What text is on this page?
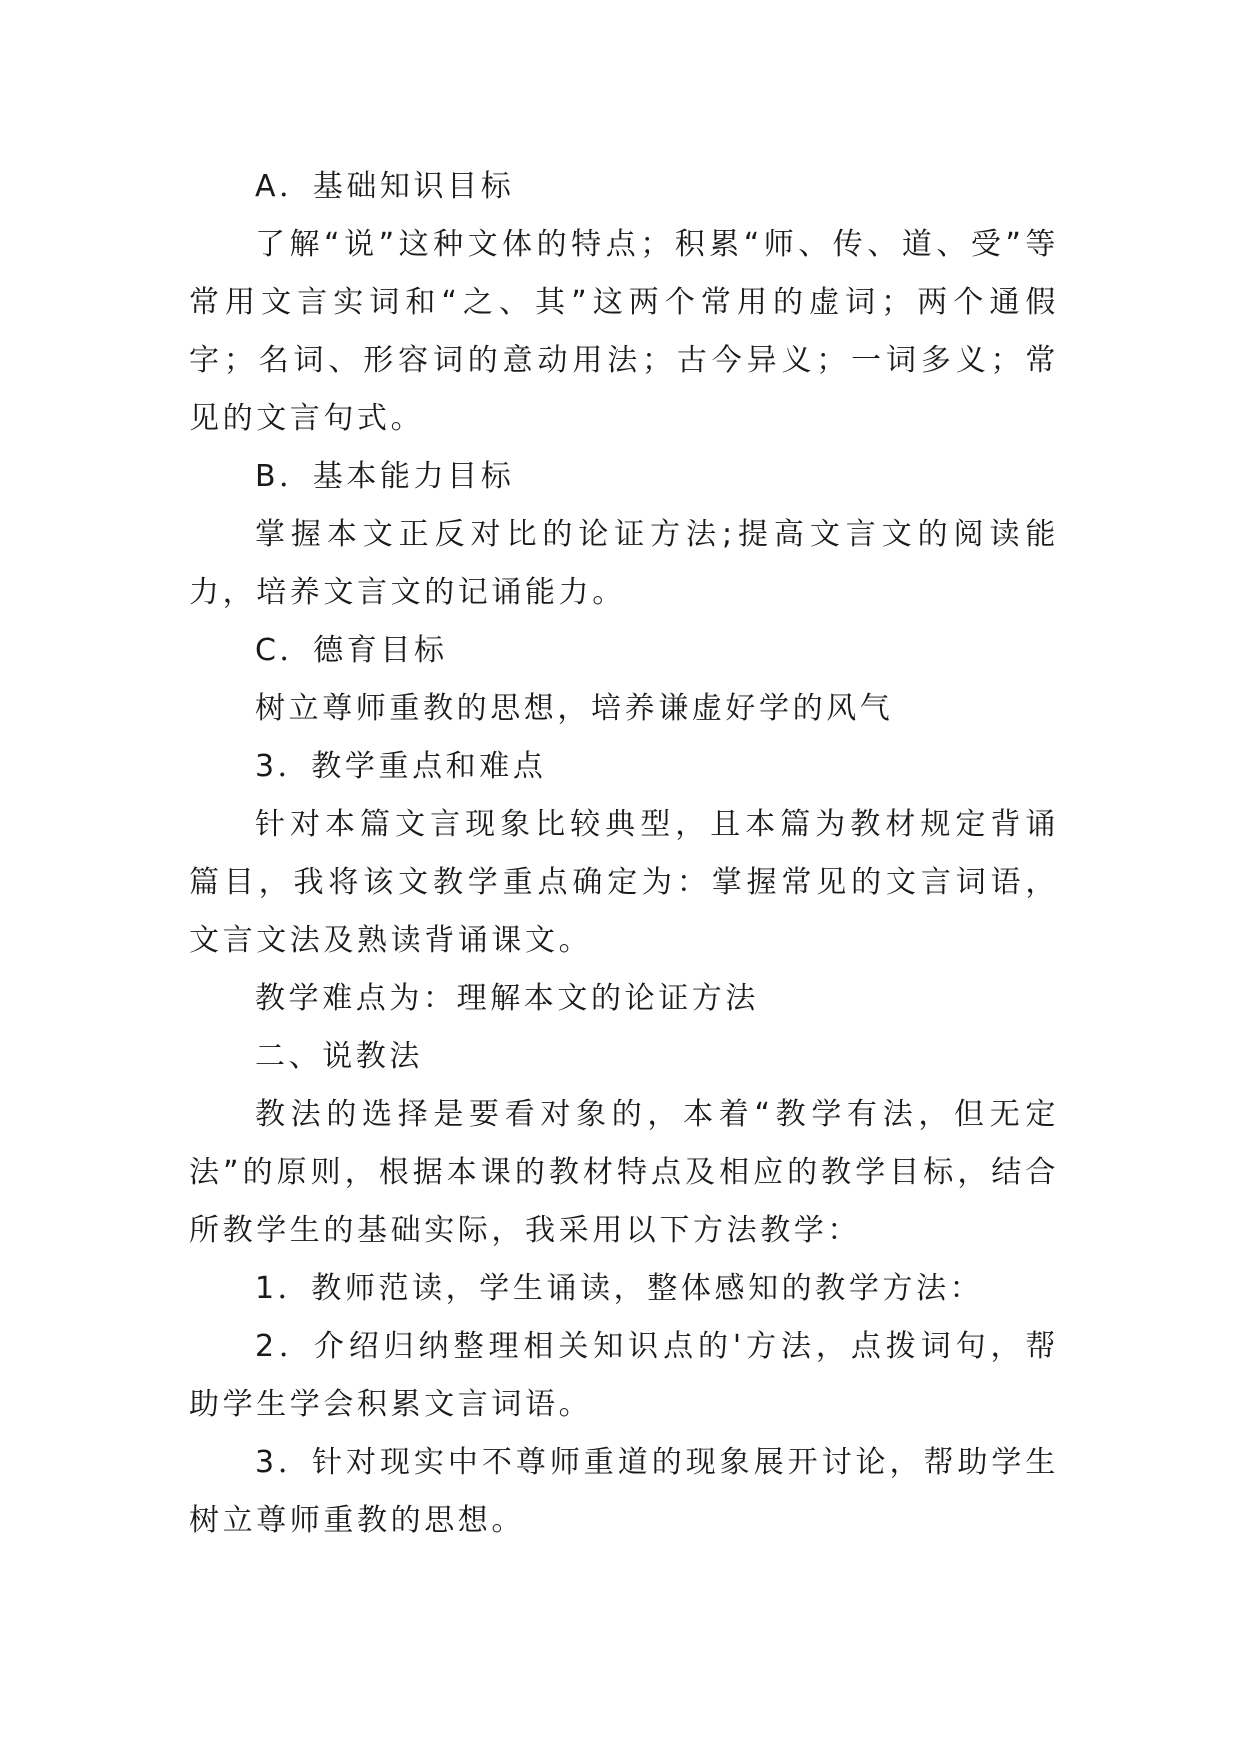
A．基础知识目标

了解“说”这种文体的特点；积累“师、传、道、受”等常用文言实词和“之、其”这两个常用的虚词；两个通假字；名词、形容词的意动用法；古今异义；一词多义；常见的文言句式。

B．基本能力目标

掌握本文正反对比的论证方法;提高文言文的阅读能力，培养文言文的记诵能力。

C．德育目标

树立尊师重教的思想，培养谦虚好学的风气

3．教学重点和难点

针对本篇文言现象比较典型，且本篇为教材规定背诵篇目，我将该文教学重点确定为：掌握常见的文言词语，文言文法及熟读背诵课文。

教学难点为：理解本文的论证方法

二、说教法

教法的选择是要看对象的，本着“教学有法，但无定法”的原则，根据本课的教材特点及相应的教学目标，结合所教学生的基础实际，我采用以下方法教学：

1．教师范读，学生诵读，整体感知的教学方法：

2．介绍归纳整理相关知识点的'方法，点拨词句，帮助学生学会积累文言词语。

3．针对现实中不尊师重道的现象展开讨论，帮助学生树立尊师重教的思想。
